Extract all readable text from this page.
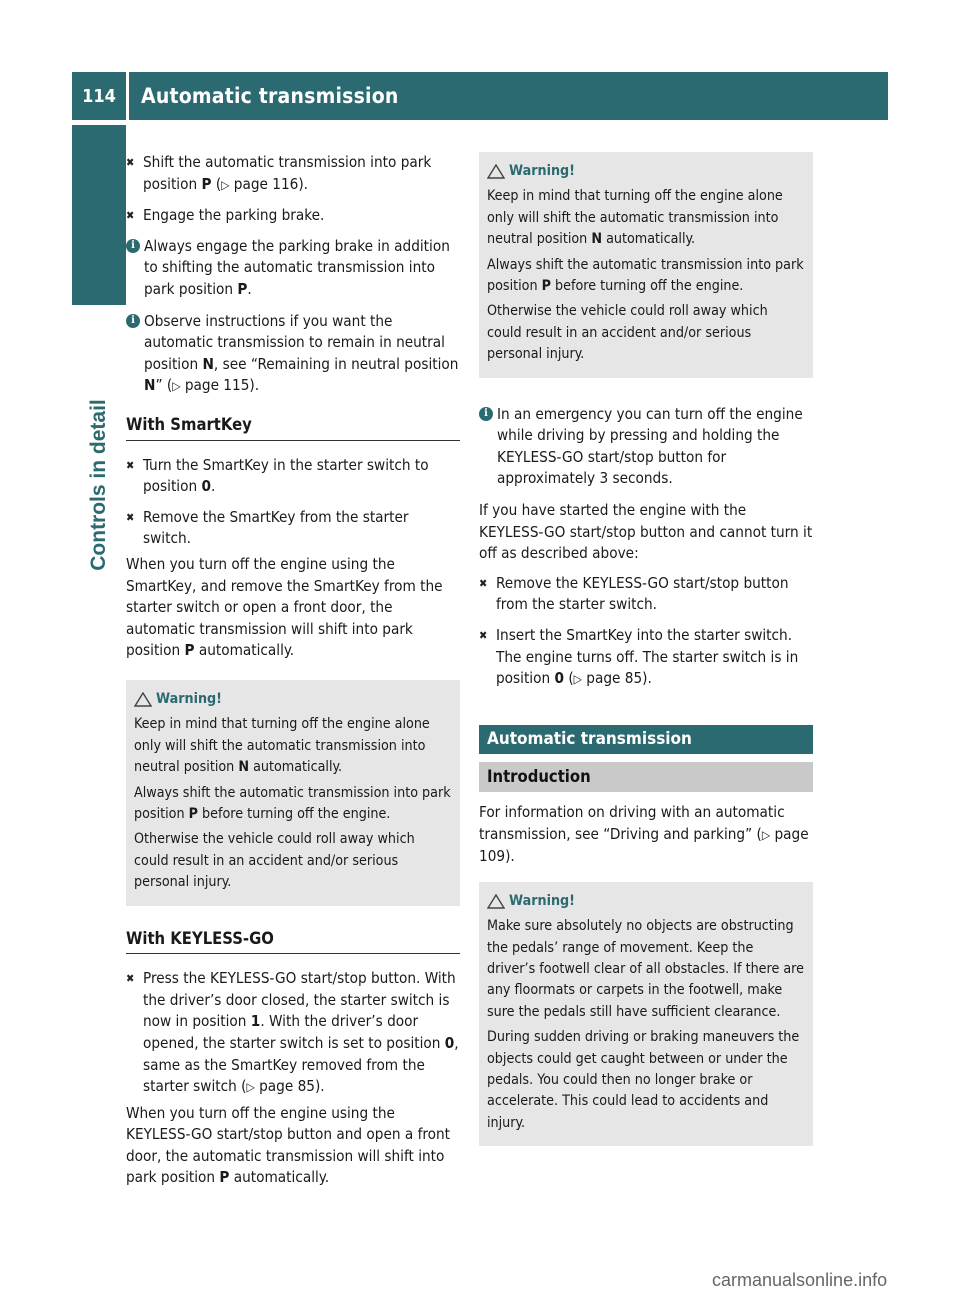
114	Automatic transmission
Controls in detail
✖ Shift the automatic transmission into park position P (▷ page 116).
✖ Engage the parking brake.
i Always engage the parking brake in addition to shifting the automatic transmission into park position P.
i Observe instructions if you want the automatic transmission to remain in neutral position N, see “Remaining in neutral position N” (▷ page 115).
With SmartKey
✖ Turn the SmartKey in the starter switch to position 0.
✖ Remove the SmartKey from the starter switch.

When you turn off the engine using the SmartKey, and remove the SmartKey from the starter switch or open a front door, the automatic transmission will shift into park position P automatically.

Warning!

Keep in mind that turning off the engine alone only will shift the automatic transmission into neutral position N automatically.

Always shift the automatic transmission into park position P before turning off the engine.

Otherwise the vehicle could roll away which could result in an accident and/or serious personal injury.

With KEYLESS-GO
✖ Press the KEYLESS-GO start/stop button. With the driver’s door closed, the starter switch is now in position 1. With the driver’s door opened, the starter switch is set to position 0, same as the SmartKey removed from the starter switch (▷ page 85).

When you turn off the engine using the KEYLESS-GO start/stop button and open a front door, the automatic transmission will shift into park position P automatically.

Warning!

Keep in mind that turning off the engine alone only will shift the automatic transmission into neutral position N automatically.

Always shift the automatic transmission into park position P before turning off the engine.

Otherwise the vehicle could roll away which could result in an accident and/or serious personal injury.

i In an emergency you can turn off the engine while driving by pressing and holding the KEYLESS-GO start/stop button for approximately 3 seconds.

If you have started the engine with the KEYLESS-GO start/stop button and cannot turn it off as described above:

✖ Remove the KEYLESS-GO start/stop button from the starter switch.
✖ Insert the SmartKey into the starter switch. The engine turns off. The starter switch is in position 0 (▷ page 85).
Automatic transmission
Introduction

For information on driving with an automatic transmission, see “Driving and parking” (▷ page 109).

Warning!

Make sure absolutely no objects are obstructing the pedals’ range of movement. Keep the driver’s footwell clear of all obstacles. If there are any floormats or carpets in the footwell, make sure the pedals still have sufficient clearance.

During sudden driving or braking maneuvers the objects could get caught between or under the pedals. You could then no longer brake or accelerate. This could lead to accidents and injury.

carmanualsonline.info
